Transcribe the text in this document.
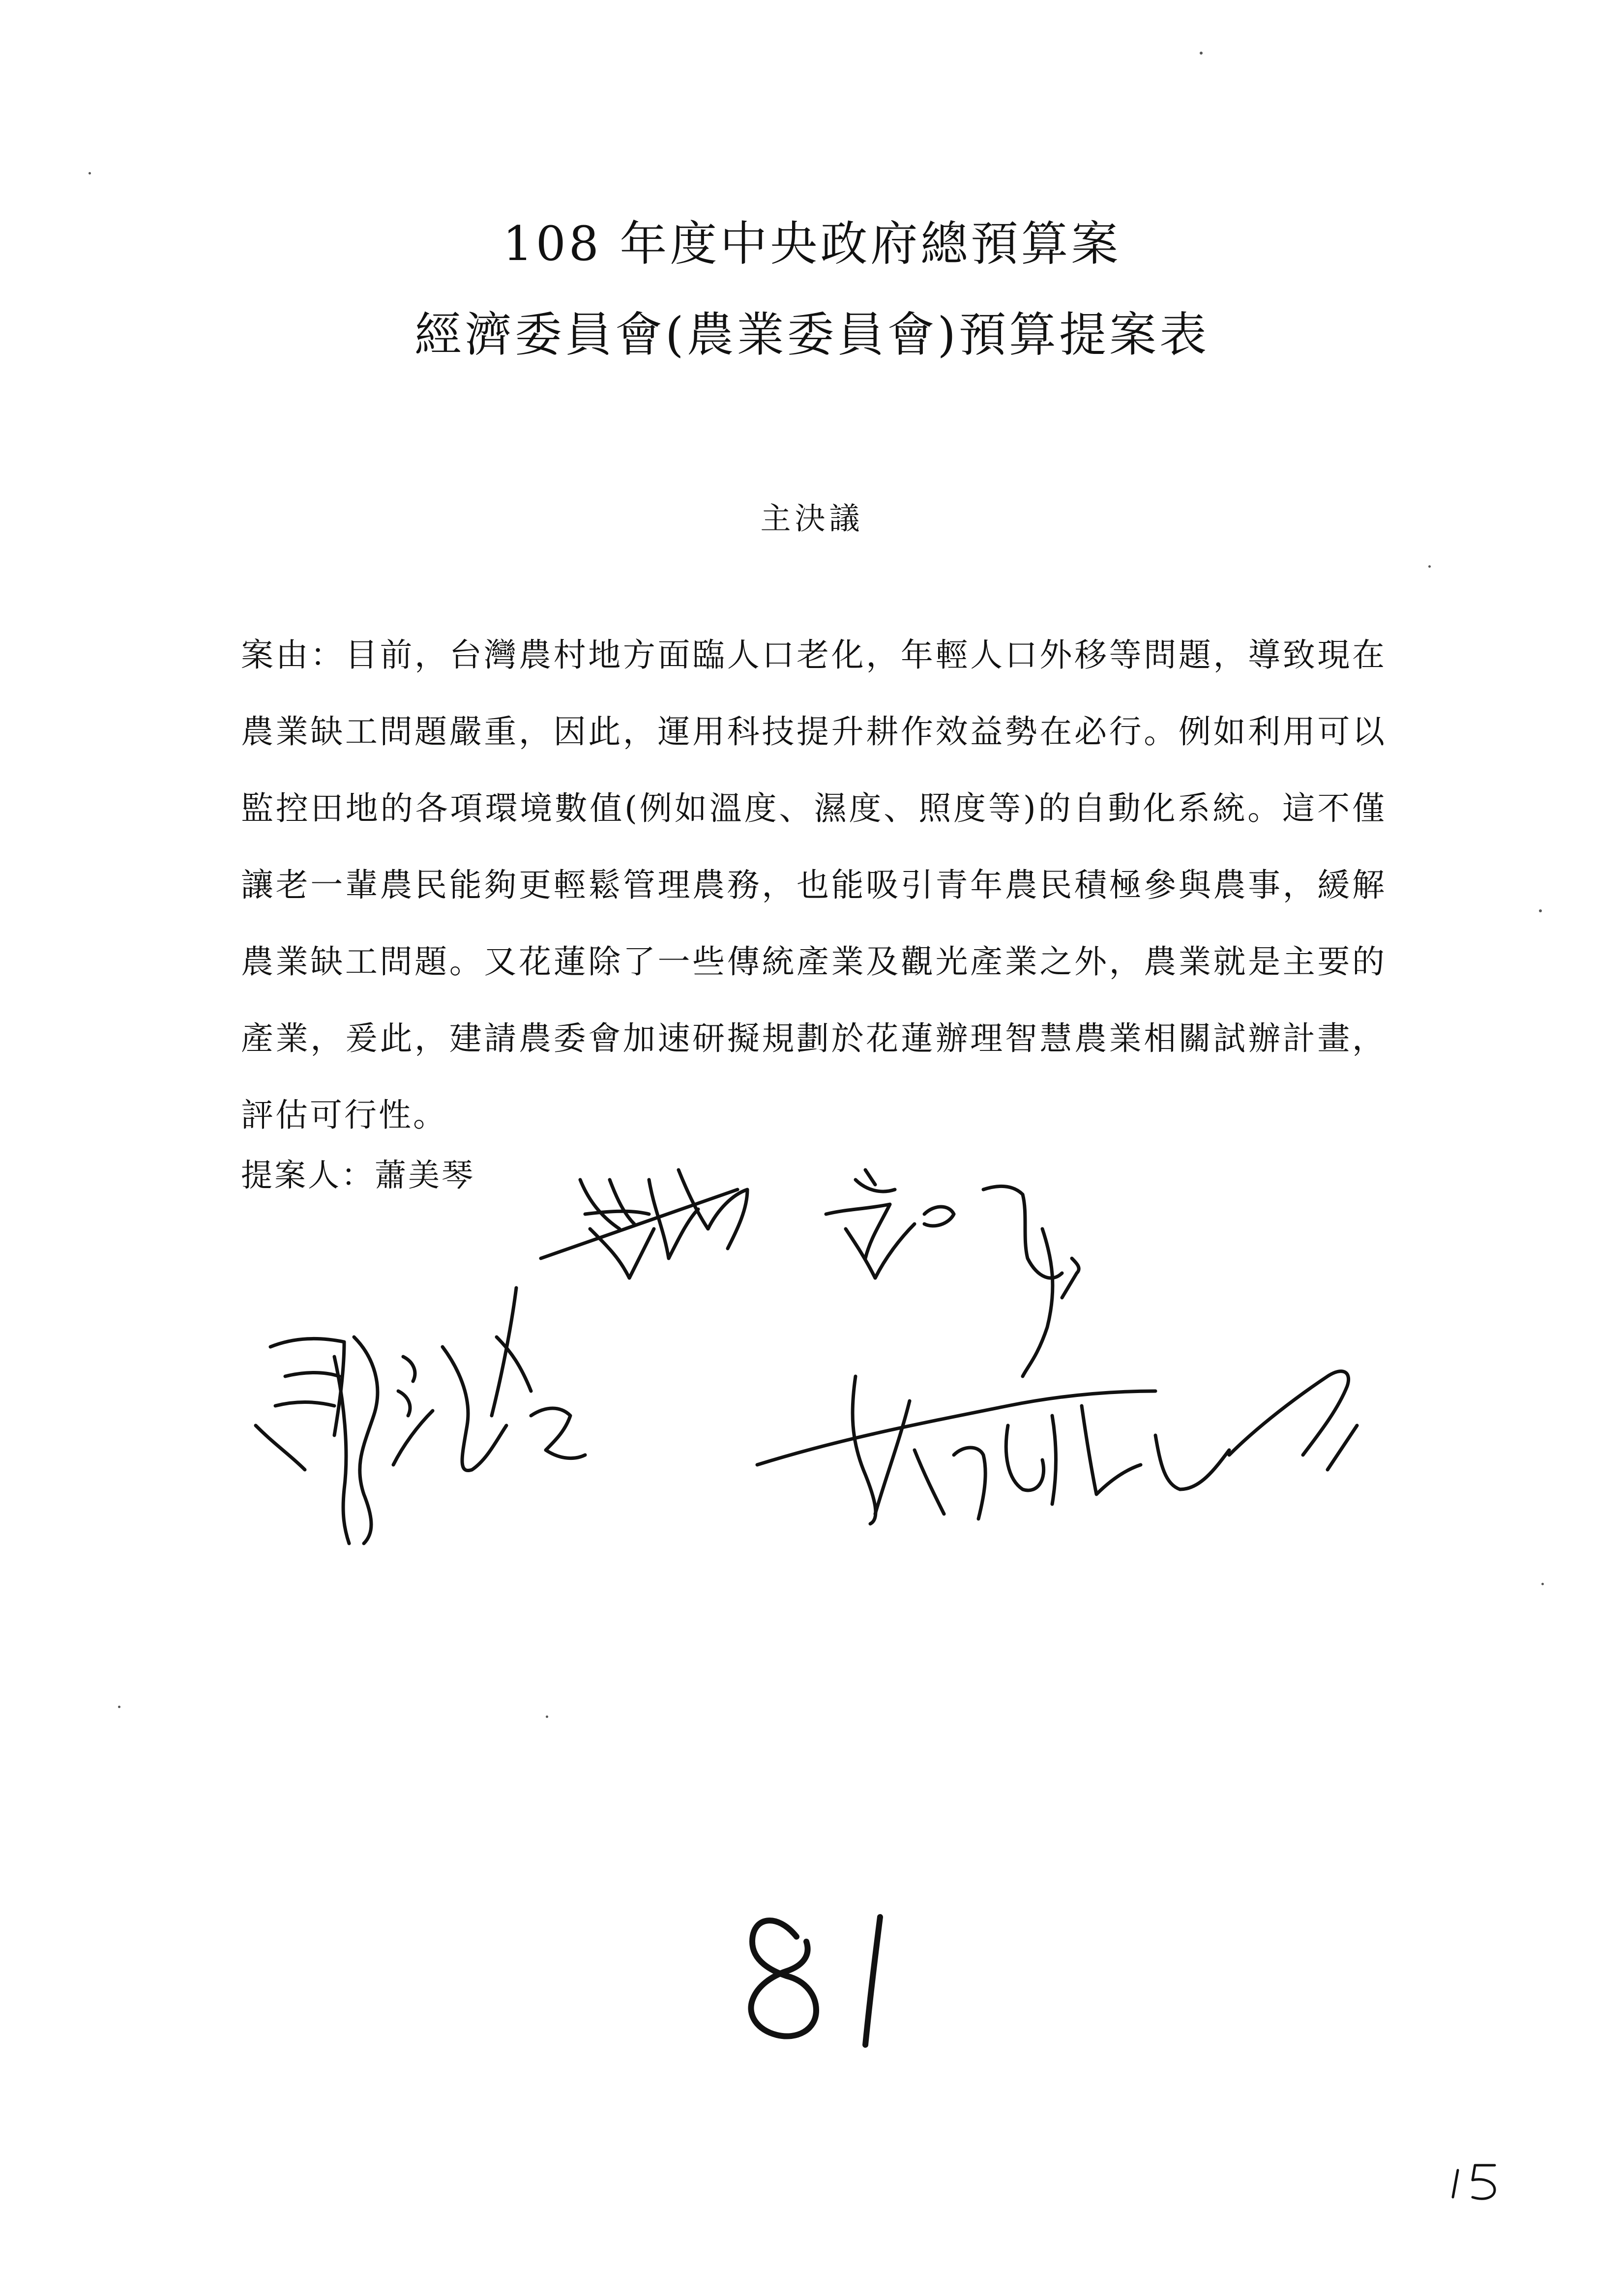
108 年度中央政府總預算案
經濟委員會(農業委員會)預算提案表
主決議
案由：目前，台灣農村地方面臨人口老化，年輕人口外移等問題，導致現在農業缺工問題嚴重，因此，運用科技提升耕作效益勢在必行。例如利用可以監控田地的各項環境數值(例如溫度、濕度、照度等)的自動化系統。這不僅讓老一輩農民能夠更輕鬆管理農務，也能吸引青年農民積極參與農事，緩解農業缺工問題。又花蓮除了一些傳統產業及觀光產業之外，農業就是主要的產業，爰此，建請農委會加速研擬規劃於花蓮辦理智慧農業相關試辦計畫，評估可行性。
提案人：蕭美琴
